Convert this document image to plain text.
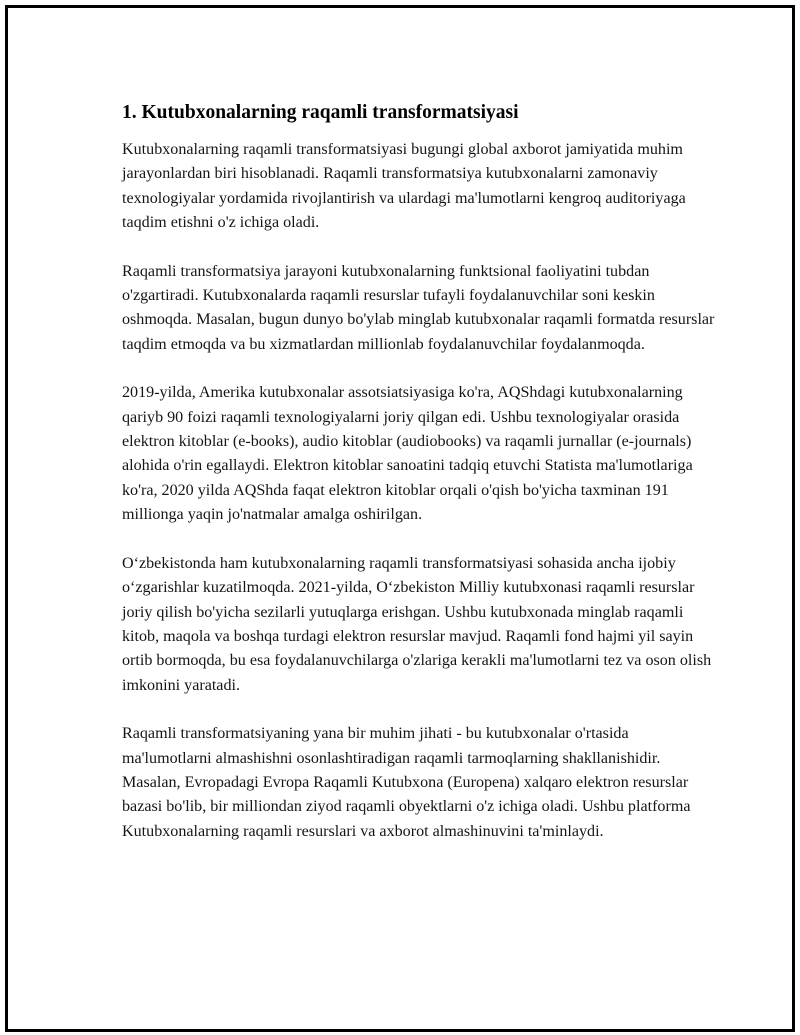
1. Kutubxonalarning raqamli transformatsiyasi

Kutubxonalarning raqamli transformatsiyasi bugungi global axborot jamiyatida muhim jarayonlardan biri hisoblanadi. Raqamli transformatsiya kutubxonalarni zamonaviy texnologiyalar yordamida rivojlantirish va ulardagi ma'lumotlarni kengroq auditoriyaga taqdim etishni o'z ichiga oladi.

Raqamli transformatsiya jarayoni kutubxonalarning funktsional faoliyatini tubdan o'zgartiradi. Kutubxonalarda raqamli resurslar tufayli foydalanuvchilar soni keskin oshmoqda. Masalan, bugun dunyo bo'ylab minglab kutubxonalar raqamli formatda resurslar taqdim etmoqda va bu xizmatlardan millionlab foydalanuvchilar foydalanmoqda.

2019-yilda, Amerika kutubxonalar assotsiatsiyasiga ko'ra, AQShdagi kutubxonalarning qariyb 90 foizi raqamli texnologiyalarni joriy qilgan edi. Ushbu texnologiyalar orasida elektron kitoblar (e-books), audio kitoblar (audiobooks) va raqamli jurnallar (e-journals) alohida o'rin egallaydi. Elektron kitoblar sanoatini tadqiq etuvchi Statista ma'lumotlariga ko'ra, 2020 yilda AQShda faqat elektron kitoblar orqali o'qish bo'yicha taxminan 191 millionga yaqin jo'natmalar amalga oshirilgan.

O‘zbekistonda ham kutubxonalarning raqamli transformatsiyasi sohasida ancha ijobiy o‘zgarishlar kuzatilmoqda. 2021-yilda, O‘zbekiston Milliy kutubxonasi raqamli resurslar joriy qilish bo'yicha sezilarli yutuqlarga erishgan. Ushbu kutubxonada minglab raqamli kitob, maqola va boshqa turdagi elektron resurslar mavjud. Raqamli fond hajmi yil sayin ortib bormoqda, bu esa foydalanuvchilarga o'zlariga kerakli ma'lumotlarni tez va oson olish imkonini yaratadi.

Raqamli transformatsiyaning yana bir muhim jihati - bu kutubxonalar o'rtasida ma'lumotlarni almashishni osonlashtiradigan raqamli tarmoqlarning shakllanishidir. Masalan, Evropadagi Evropa Raqamli Kutubxona (Europena) xalqaro elektron resurslar bazasi bo'lib, bir milliondan ziyod raqamli obyektlarni o'z ichiga oladi. Ushbu platforma Kutubxonalarning raqamli resurslari va axborot almashinuvini ta'minlaydi.
